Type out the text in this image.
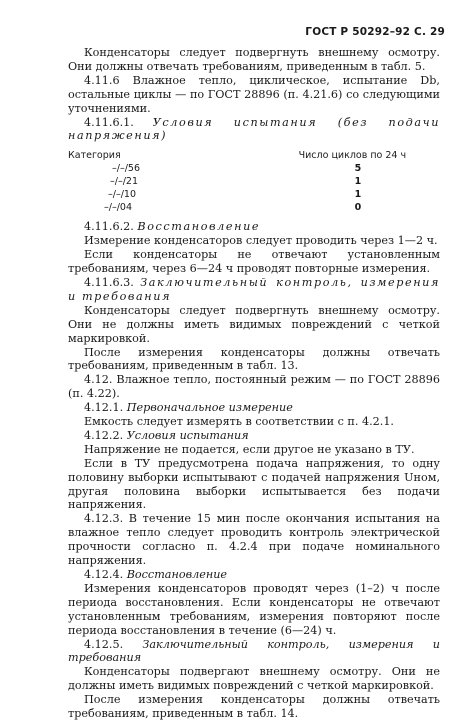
ГОСТ Р 50292–92 С. 29

Конденсаторы следует подвергнуть внешнему осмотру. Они должны отвечать требованиям, приведенным в табл. 5.

4.11.6 Влажное тепло, циклическое, испытание Db, остальные циклы — по ГОСТ 28896 (п. 4.21.6) со следующими уточнениями.

4.11.6.1. Условия испытания (без подачи напряжения)

Категория	Число циклов по 24 ч
–/–/56	5
–/–/21	1
–/–/10	1
–/–/04	0

4.11.6.2. Восстановление

Измерение конденсаторов следует проводить через 1—2 ч.

Если конденсаторы не отвечают установленным требованиям, через 6—24 ч проводят повторные измерения.

4.11.6.3. Заключительный контроль, измерения и требования

Конденсаторы следует подвергнуть внешнему осмотру. Они не должны иметь видимых повреждений с четкой маркировкой.

После измерения конденсаторы должны отвечать требованиям, приведенным в табл. 13.

4.12. Влажное тепло, постоянный режим — по ГОСТ 28896 (п. 4.22).

4.12.1. Первоначальное измерение

Емкость следует измерять в соответствии с п. 4.2.1.

4.12.2. Условия испытания

Напряжение не подается, если другое не указано в ТУ.

Если в ТУ предусмотрена подача напряжения, то одну половину выборки испытывают с подачей напряжения Uном, другая половина выборки испытывается без подачи напряжения.

4.12.3. В течение 15 мин после окончания испытания на влажное тепло следует проводить контроль электрической прочности согласно п. 4.2.4 при подаче номинального напряжения.

4.12.4. Восстановление

Измерения конденсаторов проводят через (1–2) ч после периода восстановления. Если конденсаторы не отвечают установленным требованиям, измерения повторяют после периода восстановления в течение (6—24) ч.

4.12.5. Заключительный контроль, измерения и требования

Конденсаторы подвергают внешнему осмотру. Они не должны иметь видимых повреждений с четкой маркировкой.

После измерения конденсаторы должны отвечать требованиям, приведенным в табл. 14.
